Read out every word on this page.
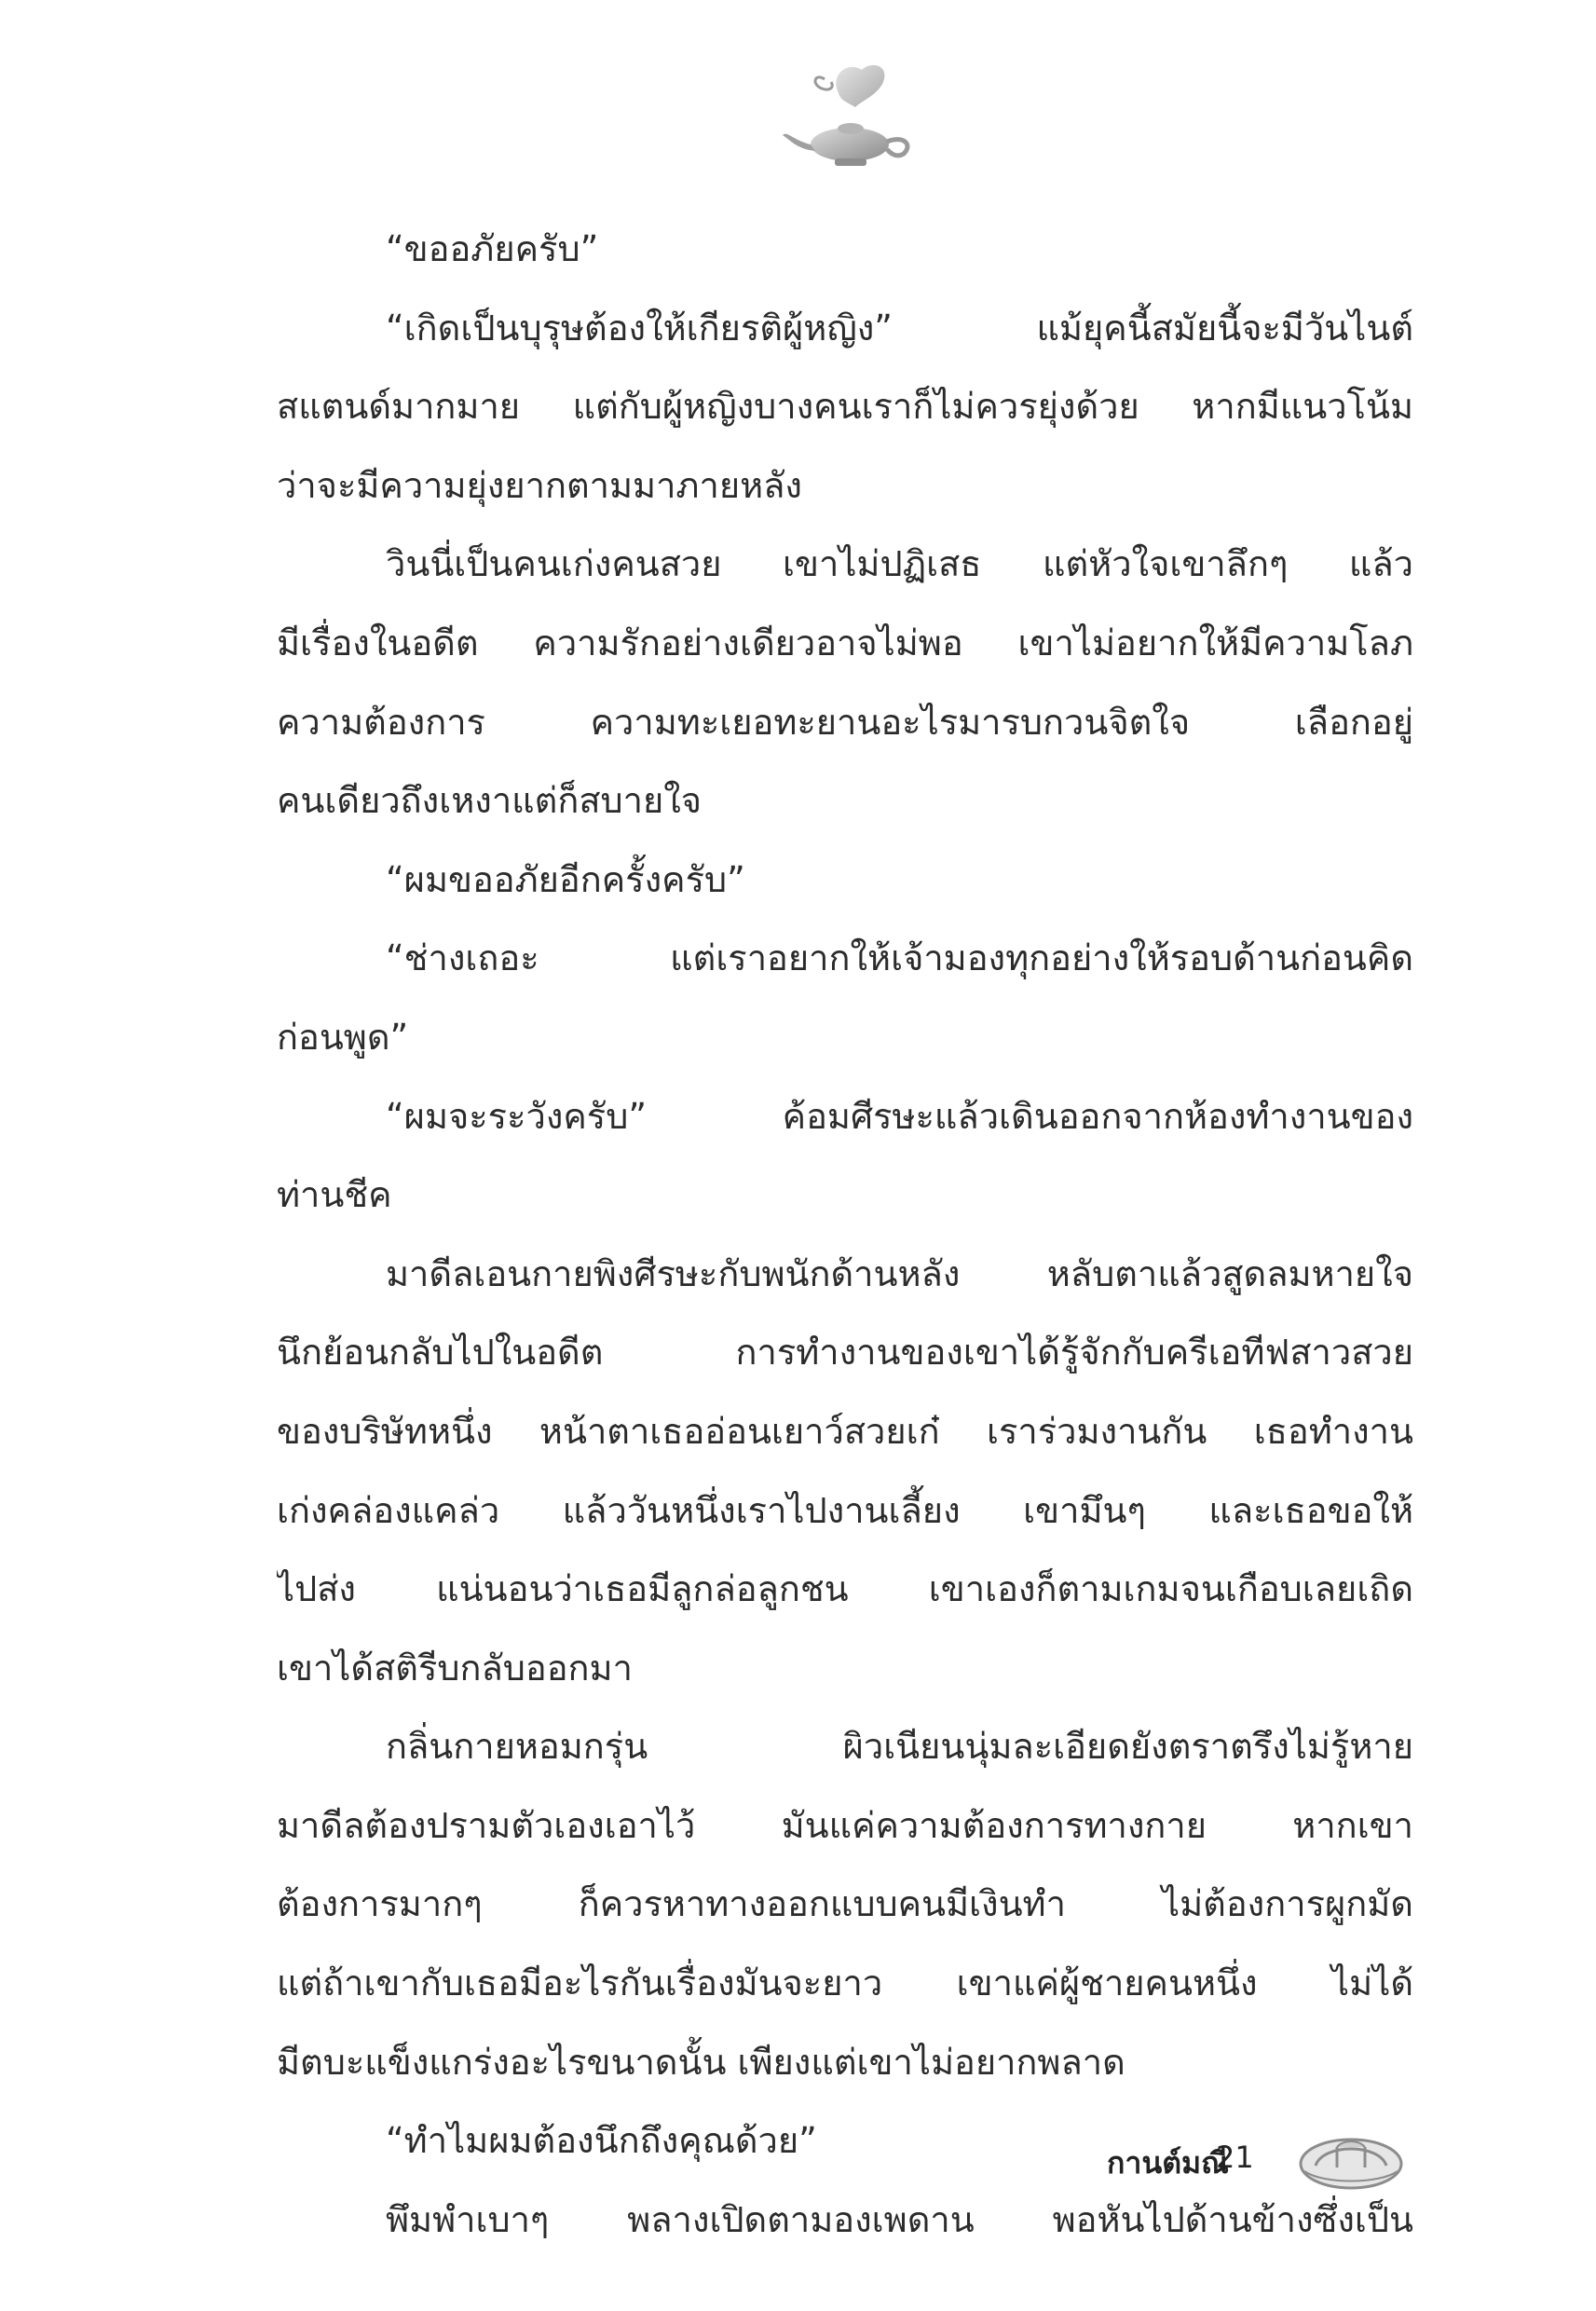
“ขออภัยครับ”
“เกิดเป็นบุรุษต้องให้เกียรติผู้หญิง” แม้ยุคนี้สมัยนี้จะมีวันไนต์
สแตนด์มากมาย แต่กับผู้หญิงบางคนเราก็ไม่ควรยุ่งด้วย หากมีแนวโน้ม
ว่าจะมีความยุ่งยากตามมาภายหลัง
วินนี่เป็นคนเก่งคนสวย เขาไม่ปฏิเสธ แต่หัวใจเขาลึกๆ แล้ว
มีเรื่องในอดีต ความรักอย่างเดียวอาจไม่พอ เขาไม่อยากให้มีความโลภ
ความต้องการ ความทะเยอทะยานอะไรมารบกวนจิตใจ เลือกอยู่
คนเดียวถึงเหงาแต่ก็สบายใจ
“ผมขออภัยอีกครั้งครับ”
“ช่างเถอะ แต่เราอยากให้เจ้ามองทุกอย่างให้รอบด้านก่อนคิด
ก่อนพูด”
“ผมจะระวังครับ” ค้อมศีรษะแล้วเดินออกจากห้องทำงานของ
ท่านชีค
มาดีลเอนกายพิงศีรษะกับพนักด้านหลัง หลับตาแล้วสูดลมหายใจ
นึกย้อนกลับไปในอดีต การทำงานของเขาได้รู้จักกับครีเอทีฟสาวสวย
ของบริษัทหนึ่ง หน้าตาเธออ่อนเยาว์สวยเก๋ เราร่วมงานกัน เธอทำงาน
เก่งคล่องแคล่ว แล้ววันหนึ่งเราไปงานเลี้ยง เขามึนๆ และเธอขอให้
ไปส่ง แน่นอนว่าเธอมีลูกล่อลูกชน เขาเองก็ตามเกมจนเกือบเลยเถิด
เขาได้สติรีบกลับออกมา
กลิ่นกายหอมกรุ่น ผิวเนียนนุ่มละเอียดยังตราตรึงไม่รู้หาย
มาดีลต้องปรามตัวเองเอาไว้ มันแค่ความต้องการทางกาย หากเขา
ต้องการมากๆ ก็ควรหาทางออกแบบคนมีเงินทำ ไม่ต้องการผูกมัด
แต่ถ้าเขากับเธอมีอะไรกันเรื่องมันจะยาว เขาแค่ผู้ชายคนหนึ่ง ไม่ได้
มีตบะแข็งแกร่งอะไรขนาดนั้น เพียงแต่เขาไม่อยากพลาด
“ทำไมผมต้องนึกถึงคุณด้วย”
พึมพำเบาๆ พลางเปิดตามองเพดาน พอหันไปด้านข้างซึ่งเป็น
กานต์มณี
21
